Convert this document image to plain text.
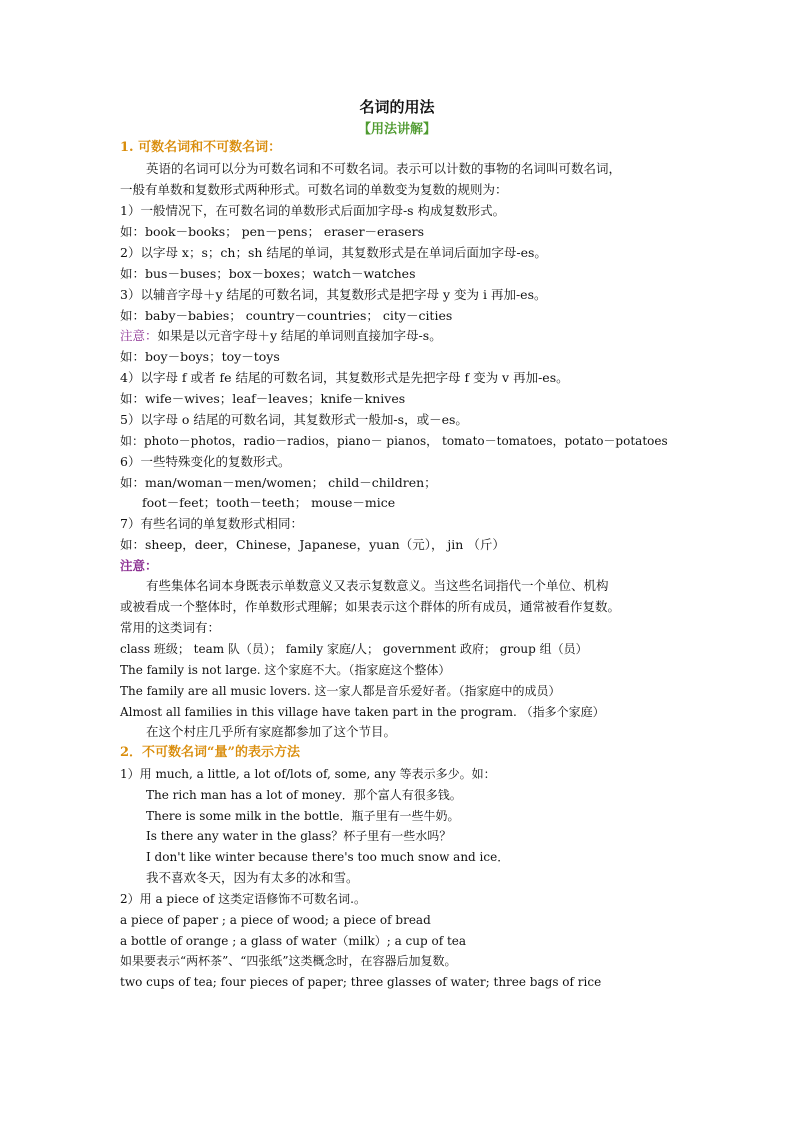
名词的用法
【用法讲解】
1. 可数名词和不可数名词：
英语的名词可以分为可数名词和不可数名词。表示可以计数的事物的名词叫可数名词，
一般有单数和复数形式两种形式。可数名词的单数变为复数的规则为：
1）一般情况下，在可数名词的单数形式后面加字母-s 构成复数形式。
如：book－books； pen－pens； eraser－erasers
2）以字母 x；s；ch；sh 结尾的单词，其复数形式是在单词后面加字母-es。
如：bus－buses；box－boxes；watch－watches
3）以辅音字母＋y 结尾的可数名词，其复数形式是把字母 y 变为 i 再加-es。
如：baby－babies； country－countries； city－cities
注意：如果是以元音字母＋y 结尾的单词则直接加字母-s。
如：boy－boys；toy－toys
4）以字母 f 或者 fe 结尾的可数名词，其复数形式是先把字母 f 变为 v 再加-es。
如：wife－wives；leaf－leaves；knife－knives
5）以字母 o 结尾的可数名词，其复数形式一般加-s，或－es。
如：photo－photos，radio－radios，piano－ pianos， tomato－tomatoes，potato－potatoes
6）一些特殊变化的复数形式。
如：man/woman－men/women； child－children；
foot－feet；tooth－teeth； mouse－mice
7）有些名词的单复数形式相同：
如：sheep，deer，Chinese，Japanese，yuan（元）， jin （斤）
注意：
有些集体名词本身既表示单数意义又表示复数意义。当这些名词指代一个单位、机构
或被看成一个整体时，作单数形式理解；如果表示这个群体的所有成员，通常被看作复数。
常用的这类词有：
class 班级； team 队（员）； family 家庭/人； government 政府； group 组（员）
The family is not large. 这个家庭不大。（指家庭这个整体）
The family are all music lovers. 这一家人都是音乐爱好者。（指家庭中的成员）
Almost all families in this village have taken part in the program. （指多个家庭）
在这个村庄几乎所有家庭都参加了这个节目。
2．不可数名词“量”的表示方法
1）用 much, a little, a lot of/lots of, some, any 等表示多少。如：
The rich man has a lot of money．那个富人有很多钱。
There is some milk in the bottle．瓶子里有一些牛奶。
Is there any water in the glass？杯子里有一些水吗？
I don't like winter because there's too much snow and ice．
我不喜欢冬天，因为有太多的冰和雪。
2）用 a piece of 这类定语修饰不可数名词.。
a piece of paper ; a piece of wood; a piece of bread
a bottle of orange ; a glass of water（milk）; a cup of tea
如果要表示“两杯茶”、“四张纸”这类概念时，在容器后加复数。
two cups of tea; four pieces of paper; three glasses of water; three bags of rice
